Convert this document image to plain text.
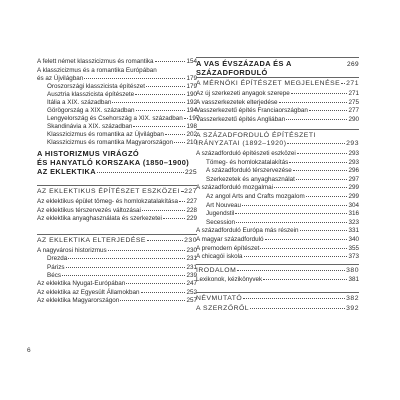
A felett német klasszicizmus és romantika	154
A klasszicizmus és a romantika Európában
és az Újvilágban	179
Oroszországi klasszicista építészet	179
Ausztria klasszicista építészete	190
Itália a XIX. században	192
Görögország a XIX. században	194
Lengyelország és Csehország a XIX. században 197
Skandinávia a XIX. században	198
Klasszicizmus és romantika az Újvilágban	202
Klasszicizmus és romantika Magyarországon 210
A HISTORIZMUS VIRÁGZÓ
ÉS HANYATLÓ KORSZAKA (1850–1900)
AZ EKLEKTIKA	225
AZ EKLEKTIKUS ÉPÍTÉSZET ESZKÖZEI 227
Az eklektikus épület tömeg- és homlokzatalakítása 227
Az eklektikus térszervezés változásai	228
Az eklektika anyaghasználata és szerkezetei	229
AZ EKLEKTIKA ELTERJEDÉSE	230
A nagyvárosi historizmus	230
Drezda	231
Párizs	231
Bécs	239
Az eklektika Nyugat-Európában	247
Az eklektika az Egyesült Államokban	252
Az eklektika Magyarországon	257
A VAS ÉVSZÁZADA ÉS A SZÁZADFORDULÓ
269
A MÉRNÖKI ÉPÍTÉSZET MEGJELENÉSE 271
Az új szerkezeti anyagok szerepe	271
A vasszerkezetek elterjedése	275
Vasszerkezetű építés Franciaországban	277
Vasszerkezetű építés Angliában	290
A SZÁZADFORDULÓ ÉPÍTÉSZETI
IRÁNYZATAI (1892–1920)	293
A századforduló építészeti eszközei	293
Tömeg- és homlokzatalakítás	293
A századforduló térszervezése	296
Szerkezetek és anyaghasználat	297
A századforduló mozgalmai	299
Az angol Arts and Crafts mozgalom	299
Art Nouveau	304
Jugendstil	316
Secession	323
A századforduló Európa más részein	331
A magyar századforduló	340
A premodern építészet	355
A chicagói iskola	373
IRODALOM	380
Lexikonok, kézikönyvek	381
NÉVMUTATÓ	382
A SZERZŐRŐL	392
6
